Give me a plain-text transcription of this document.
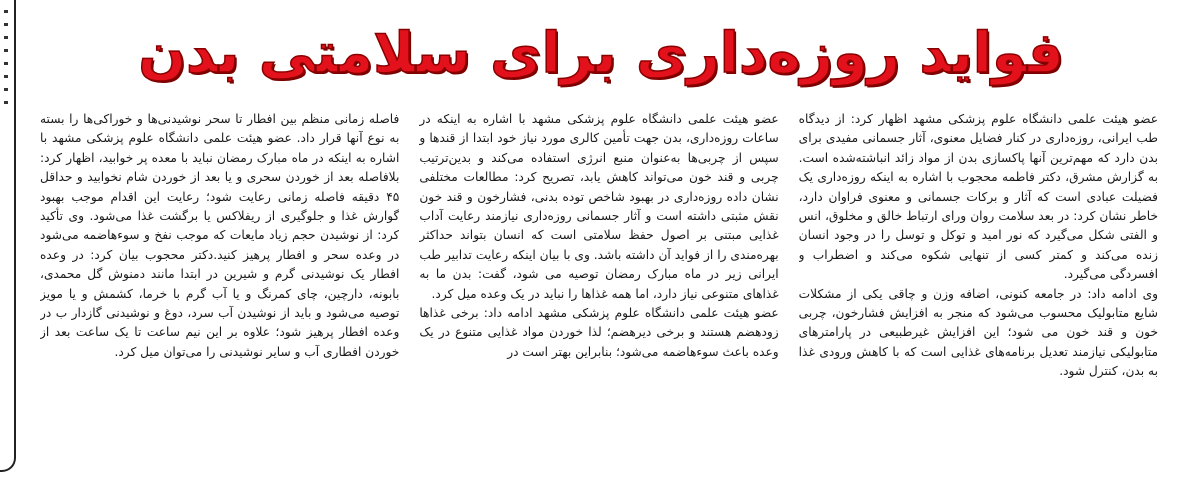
فواید روزه‌داری برای سلامتی بدن

عضو هیئت علمی دانشگاه علوم پزشکی مشهد اظهار کرد: از دیدگاه طب ایرانی، روزه‌داری در کنار فضایل معنوی، آثار جسمانی مفیدی برای بدن دارد که مهم‌ترین آنها پاکسازی بدن از مواد زائد انباشته‌شده است. به گزارش مشرق، دکتر فاطمه محجوب با اشاره به اینکه روزه‌داری یک فضیلت عبادی است که آثار و برکات جسمانی و معنوی فراوان دارد، خاطر نشان کرد: در بعد سلامت روان ورای ارتباط خالق و مخلوق، انس و الفتی شکل می‌گیرد که نور امید و توکل و توسل را در وجود انسان زنده می‌کند و کمتر کسی از تنهایی شکوه می‌کند و اضطراب و افسردگی می‌گیرد.

وی ادامه داد: در جامعه کنونی، اضافه وزن و چاقی یکی از مشکلات شایع متابولیک محسوب می‌شود که منجر به افزایش فشارخون، چربی خون و قند خون می شود؛ این افزایش غیرطبیعی در پارامترهای متابولیکی نیازمند تعدیل برنامه‌های غذایی است که با کاهش ورودی غذا به بدن، کنترل شود.

عضو هیئت علمی دانشگاه علوم پزشکی مشهد با اشاره به اینکه در ساعات روزه‌داری، بدن جهت تأمین کالری مورد نیاز خود ابتدا از قندها و سپس از چربی‌ها به‌عنوان منبع انرژی استفاده می‌کند و بدین‌ترتیب چربی و قند خون می‌تواند کاهش یابد، تصریح کرد: مطالعات مختلفی نشان داده روزه‌داری در بهبود شاخص توده بدنی، فشارخون و قند خون نقش مثبتی داشته است و آثار جسمانی روزه‌داری نیازمند رعایت آداب غذایی مبتنی بر اصول حفظ سلامتی است که انسان بتواند حداکثر بهره‌مندی را از فواید آن داشته باشد. وی با بیان اینکه رعایت تدابیر طب ایرانی زیر در ماه مبارک رمضان توصیه می شود، گفت: بدن ما به غذاهای متنوعی نیاز دارد، اما همه غذاها را نباید در یک وعده میل کرد.

عضو هیئت علمی دانشگاه علوم پزشکی مشهد ادامه داد: برخی غذاها زودهضم هستند و برخی دیرهضم؛ لذا خوردن مواد غذایی متنوع در یک وعده باعث سوءهاضمه می‌شود؛ بنابراین بهتر است در

فاصله زمانی منظم بین افطار تا سحر نوشیدنی‌ها و خوراکی‌ها را بسته به نوع آنها قرار داد. عضو هیئت علمی دانشگاه علوم پزشکی مشهد با اشاره به اینکه در ماه مبارک رمضان نباید با معده پر خوابید، اظهار کرد: بلافاصله بعد از خوردن سحری و یا بعد از خوردن شام نخوابید و حداقل ۴۵ دقیقه فاصله زمانی رعایت شود؛ رعایت این اقدام موجب بهبود گوارش غذا و جلوگیری از ریفلاکس یا برگشت غذا می‌شود. وی تأکید کرد: از نوشیدن حجم زیاد مایعات که موجب نفخ و سوءهاضمه می‌شود در وعده سحر و افطار پرهیز کنید.دکتر محجوب بیان کرد: در وعده افطار یک نوشیدنی گرم و شیرین در ابتدا مانند دمنوش گل محمدی، بابونه، دارچین، چای کمرنگ و یا آب گرم با خرما، کشمش و یا مویز توصیه می‌شود و باید از نوشیدن آب سرد، دوغ و نوشیدنی گازدار ب در وعده افطار پرهیز شود؛ علاوه بر این نیم ساعت تا یک ساعت بعد از خوردن افطاری آب و سایر نوشیدنی را می‌توان میل کرد.
